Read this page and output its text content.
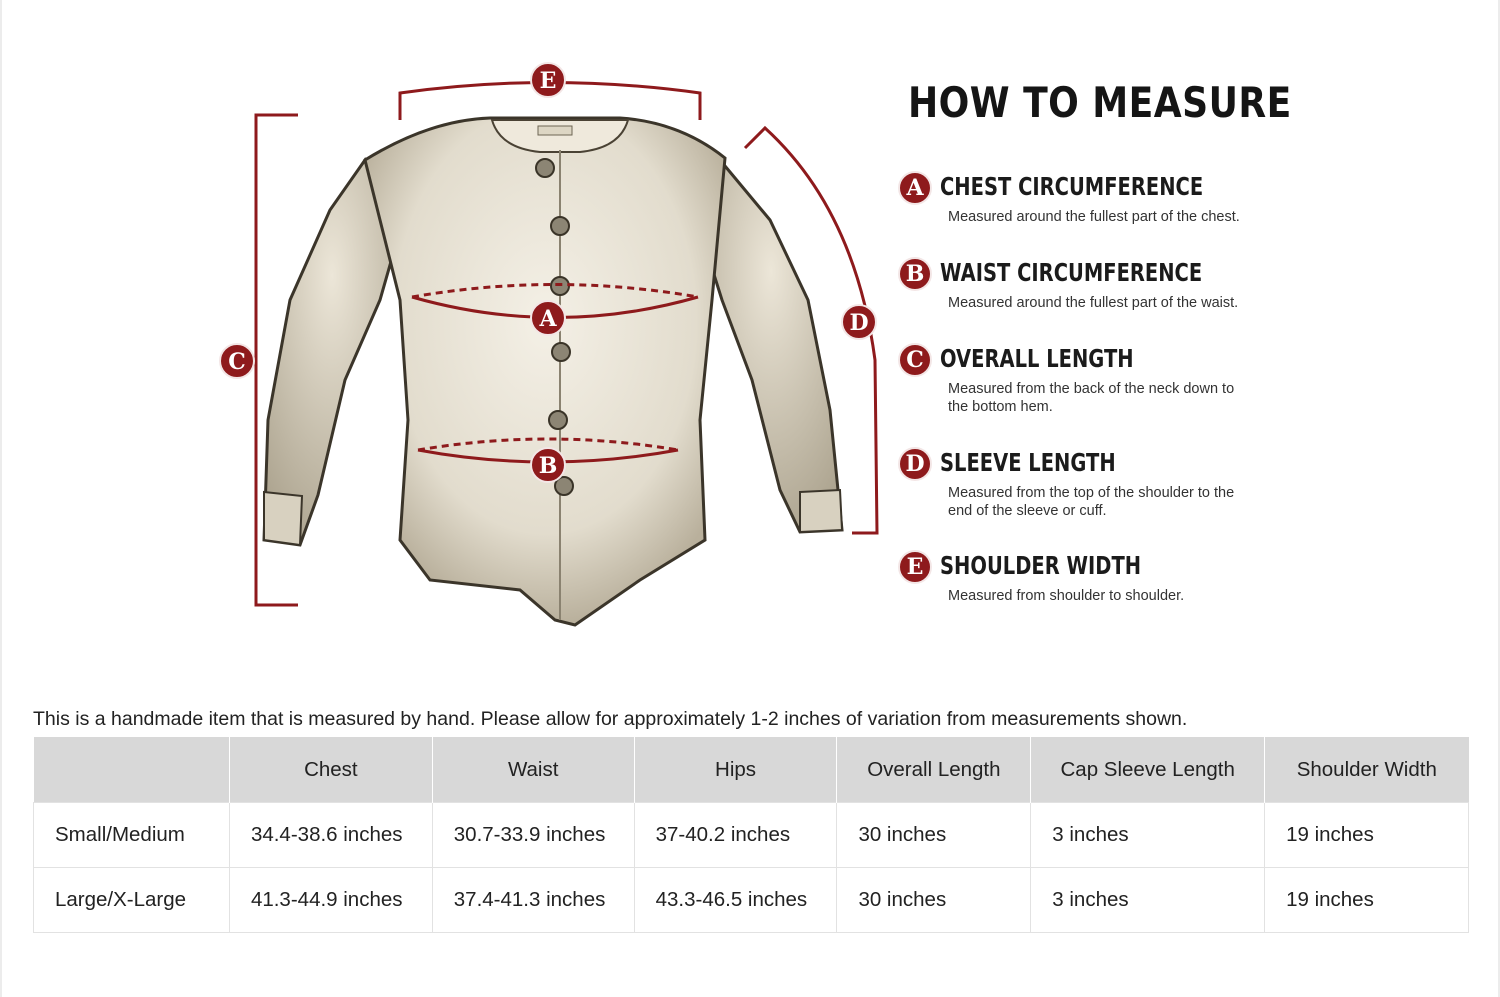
E
C
D
A
B
HOW TO MEASURE
A CHEST CIRCUMFERENCE
Measured around the fullest part of the chest.
B WAIST CIRCUMFERENCE
Measured around the fullest part of the waist.
C OVERALL LENGTH
Measured from the back of the neck down to the bottom hem.
D SLEEVE LENGTH
Measured from the top of the shoulder to the end of the sleeve or cuff.
E SHOULDER WIDTH
Measured from shoulder to shoulder.
This is a handmade item that is measured by hand. Please allow for approximately 1-2 inches of variation from measurements shown.
	Chest	Waist	Hips	Overall Length	Cap Sleeve Length	Shoulder Width
Small/Medium	34.4-38.6 inches	30.7-33.9 inches	37-40.2 inches	30 inches	3 inches	19 inches
Large/X-Large	41.3-44.9 inches	37.4-41.3 inches	43.3-46.5 inches	30 inches	3 inches	19 inches
